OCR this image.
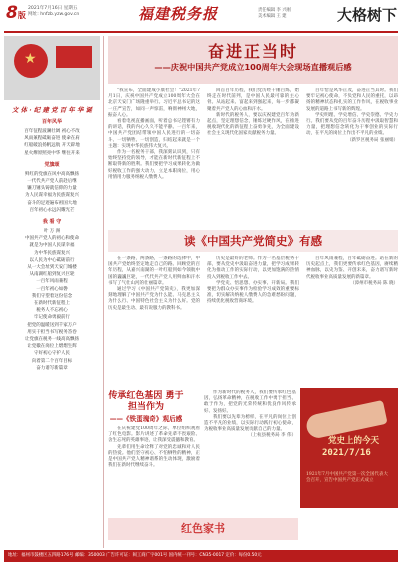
8版
2021年7月16日 星期五
网址: hnfzb.yzw.gov.cn	福建税务报	责任编辑 李 兴刚
美术编辑 王 建	大格树下
★
文 体 · 纪 建 党 百 年 华 诞
百年风华
百年征程波澜壮阔 初心不改
风雨兼程砥砺奋进 使命在肩
红船破浪扬帆远航 开天辟地
星火燎原照亮中华 继往开来
党旗颂
鲜红的党旗在风中高高飘扬
一代代共产党人前赴后继
镰刀锤头铸就信仰的力量
为人民谋幸福为民族谋复兴
奋斗的足迹遍布祖国大地
百年初心永远闪耀光芒
我 看 守
叶 万 洲
中国共产党人的初心和使命
就是为中国人民谋幸福
为中华民族谋复兴
以人民为中心砥砺前行
从一大会址到天安门城楼
从南湖红船到复兴巨轮
一百年风雨兼程
一百年初心如磐
我们守望着这份信念
在新时代新征程上
税务人不忘初心
牢记使命勇毅前行
把党的温暖送到千家万户
用实干担当书写税务答卷
让党旗在税务一线高高飘扬
让党徽在岗位上熠熠生辉
守好初心守护人民
向着第二个百年目标
奋力谱写新篇章
奋进正当时
——庆祝中国共产党成立100周年大会现场直播观后感

"我宣布，全面建成小康社会！"2021年7月1日，庆祝中国共产党成立100周年大会在北京天安门广场隆重举行。习近平总书记的这一庄严宣告，如同一声惊雷，响彻神州大地，振奋人心。

看着电视直播画面，听着总书记铿锵有力的讲话，我的内心久久不能平静。一百年来，中国共产党团结带领中国人民进行的一切奋斗、一切牺牲、一切创造，归结起来就是一个主题：实现中华民族伟大复兴。

作为一名税务干部，我深刻认识到，只有始终坚持党的领导，才能在新时代新征程上不断取得新的胜利。我们要把学习成果转化为做好税收工作的强大动力，立足本职岗位，用心用情用力服务纳税人缴费人。

回首百年历程，我们党历经千锤百炼，始终走在时代前列，是中国人民最可靠的主心骨。从站起来、富起来到强起来，每一步都凝聚着共产党人的心血和汗水。

新时代的税务人，要以庆祝建党百年为新起点，坚定理想信念，锤炼过硬作风，在推进税收现代化的新征程上奋勇争先，为全面建设社会主义现代化国家贡献税务力量。

百年恰是风华正茂，奋进正当其时。我们要牢记初心使命，不负党和人民的重托，以昂扬的精神状态和扎实的工作作风，在税收事业发展的道路上书写新的辉煌。

学史明理、学史增信、学史崇德、学史力行。我们要从党的百年奋斗历程中汲取智慧和力量，把理想信念转化为干事创业的实际行动，在平凡的岗位上作出不平凡的业绩。

（新罗区税务局 张丽娟）

读《中国共产党简史》有感

在一条路，两条路，一条路的选择中，中国共产党始终坚定地走自己的路。回顾党的百年历程，从嘉兴南湖的一叶红船到如今领航中国的巍巍巨轮，一代代共产党人用鲜血和汗水书写了气壮山河的壮丽篇章。

通过学习《中国共产党简史》，我更加深刻地理解了中国共产党为什么能、马克思主义为什么行、中国特色社会主义为什么好。党的历史是最生动、最有说服力的教科书。

历史是最好的老师。作为一名基层税务干部，要从党史中汲取奋进力量，把学习成果转化为推动工作的实际行动，以更加饱满的热情投入到税收工作中去。

学党史、悟思想、办实事、开新局。我们要把为群众办实事作为检验学习成效的重要标准，切实解决纳税人缴费人的急难愁盼问题，持续优化税收营商环境。

百年风雨兼程，百年砥砺奋进。站在新的历史起点上，我们更要传承红色基因，赓续精神血脉，以史为鉴、开创未来，奋力谱写新时代税收事业高质量发展的新篇章。

（漳州市税务局 陈 晓）

传承红色基因 勇于担当作为
——《铁蛋瑰奇》观后感

在庆祝建党100周年之际，单位组织观看了红色电影。影片讲述了革命先辈不畏艰险、舍生忘死的英雄事迹，让我深受震撼和教育。

先辈们用生命诠释了对党的忠诚和对人民的热爱。他们坚守初心、不怕牺牲的精神，正是中国共产党人精神谱系的生动体现，激励着我们在新时代继续奋斗。

作为新时代的税务人，我们要传承红色基因，弘扬革命精神，在税收工作中勇于担当、敢于作为，把党的光荣传统和优良作风传承好、发扬好。

我们要以先辈为榜样，在平凡的岗位上创造不平凡的业绩，以实际行动践行初心使命，为税收事业高质量发展贡献自己的力量。

（上杭县税务局 李 伟）

党史上的今天
2021/7/16
1921年7月中国共产党第一次全国代表大会召开，宣告中国共产党正式成立
红色家书
地址：福州市鼓楼区五四路176号 邮编：350003 广告许可证：闽工商广字001号 国内统一刊号：CN35-0017 定价：每份0.50元
